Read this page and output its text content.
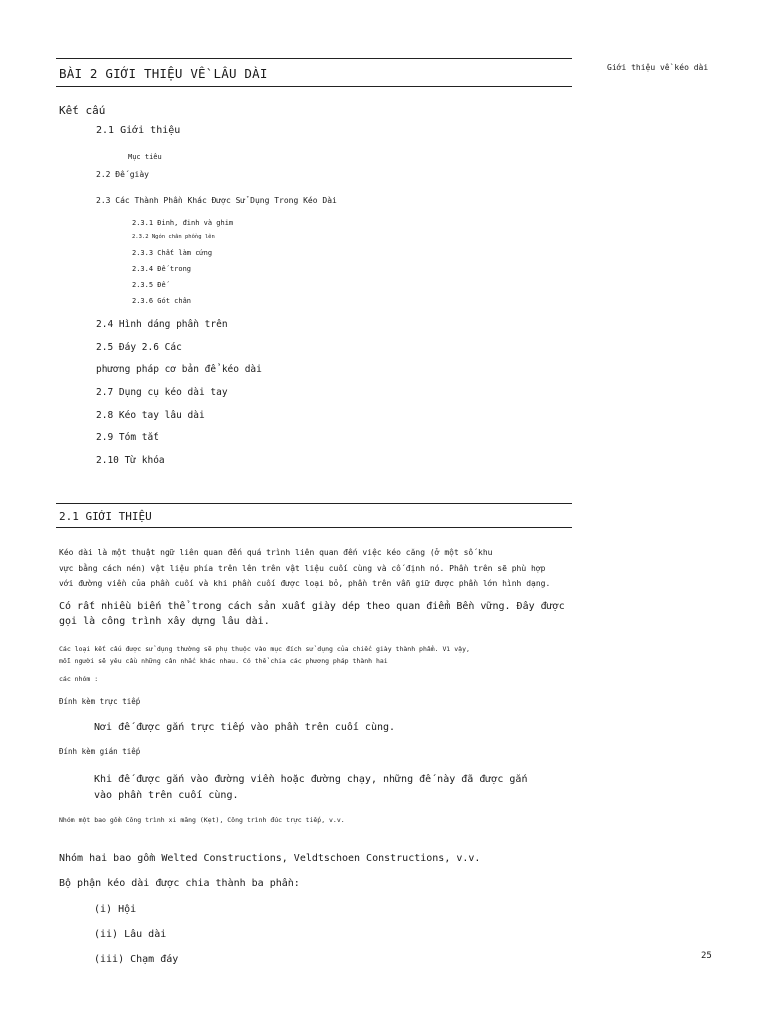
BÀI 2 GIỚI THIỆU VỀ LÂU DÀI	Giới thiệu về kéo dài
Kết cấu
2.1 Giới thiệu
Mục tiêu
2.2 Đế giày
2.3 Các Thành Phần Khác Được Sử Dụng Trong Kéo Dài
2.3.1 Đinh, đinh và ghim
2.3.2 Ngón chân phồng lên
2.3.3 Chất làm cứng
2.3.4 Đế trong
2.3.5 Đế
2.3.6 Gót chân
2.4 Hình dáng phần trên
2.5 Đáy 2.6 Các
phương pháp cơ bản để kéo dài
2.7 Dụng cụ kéo dài tay
2.8 Kéo tay lâu dài
2.9 Tóm tắt
2.10 Từ khóa
2.1 GIỚI THIỆU
Kéo dài là một thuật ngữ liên quan đến quá trình liên quan đến việc kéo căng (ở một số khu
vực bằng cách nén) vật liệu phía trên lên trên vật liệu cuối cùng và cố định nó. Phần trên sẽ phù hợp
với đường viền của phần cuối và khi phần cuối được loại bỏ, phần trên vẫn giữ được phần lớn hình dạng.
Có rất nhiều biến thể trong cách sản xuất giày dép theo quan điểm Bền vững. Đây được gọi là công trình xây dựng lâu dài.
Các loại kết cấu được sử dụng thường sẽ phụ thuộc vào mục đích sử dụng của chiếc giày thành phẩm. Vì vậy,
mỗi người sẽ yêu cầu những cân nhắc khác nhau. Có thể chia các phương pháp thành hai
các nhóm :
Đính kèm trực tiếp
Nơi đế được gắn trực tiếp vào phần trên cuối cùng.
Đính kèm gián tiếp
Khi đế được gắn vào đường viền hoặc đường chạy, những đế này đã được gắn vào phần trên cuối cùng.
Nhóm một bao gồm Công trình xi măng (Kẹt), Công trình đúc trực tiếp, v.v.
Nhóm hai bao gồm Welted Constructions, Veldtschoen Constructions, v.v.
Bộ phận kéo dài được chia thành ba phần:
(i) Hội
(ii) Lâu dài
(iii) Chạm đáy	25
